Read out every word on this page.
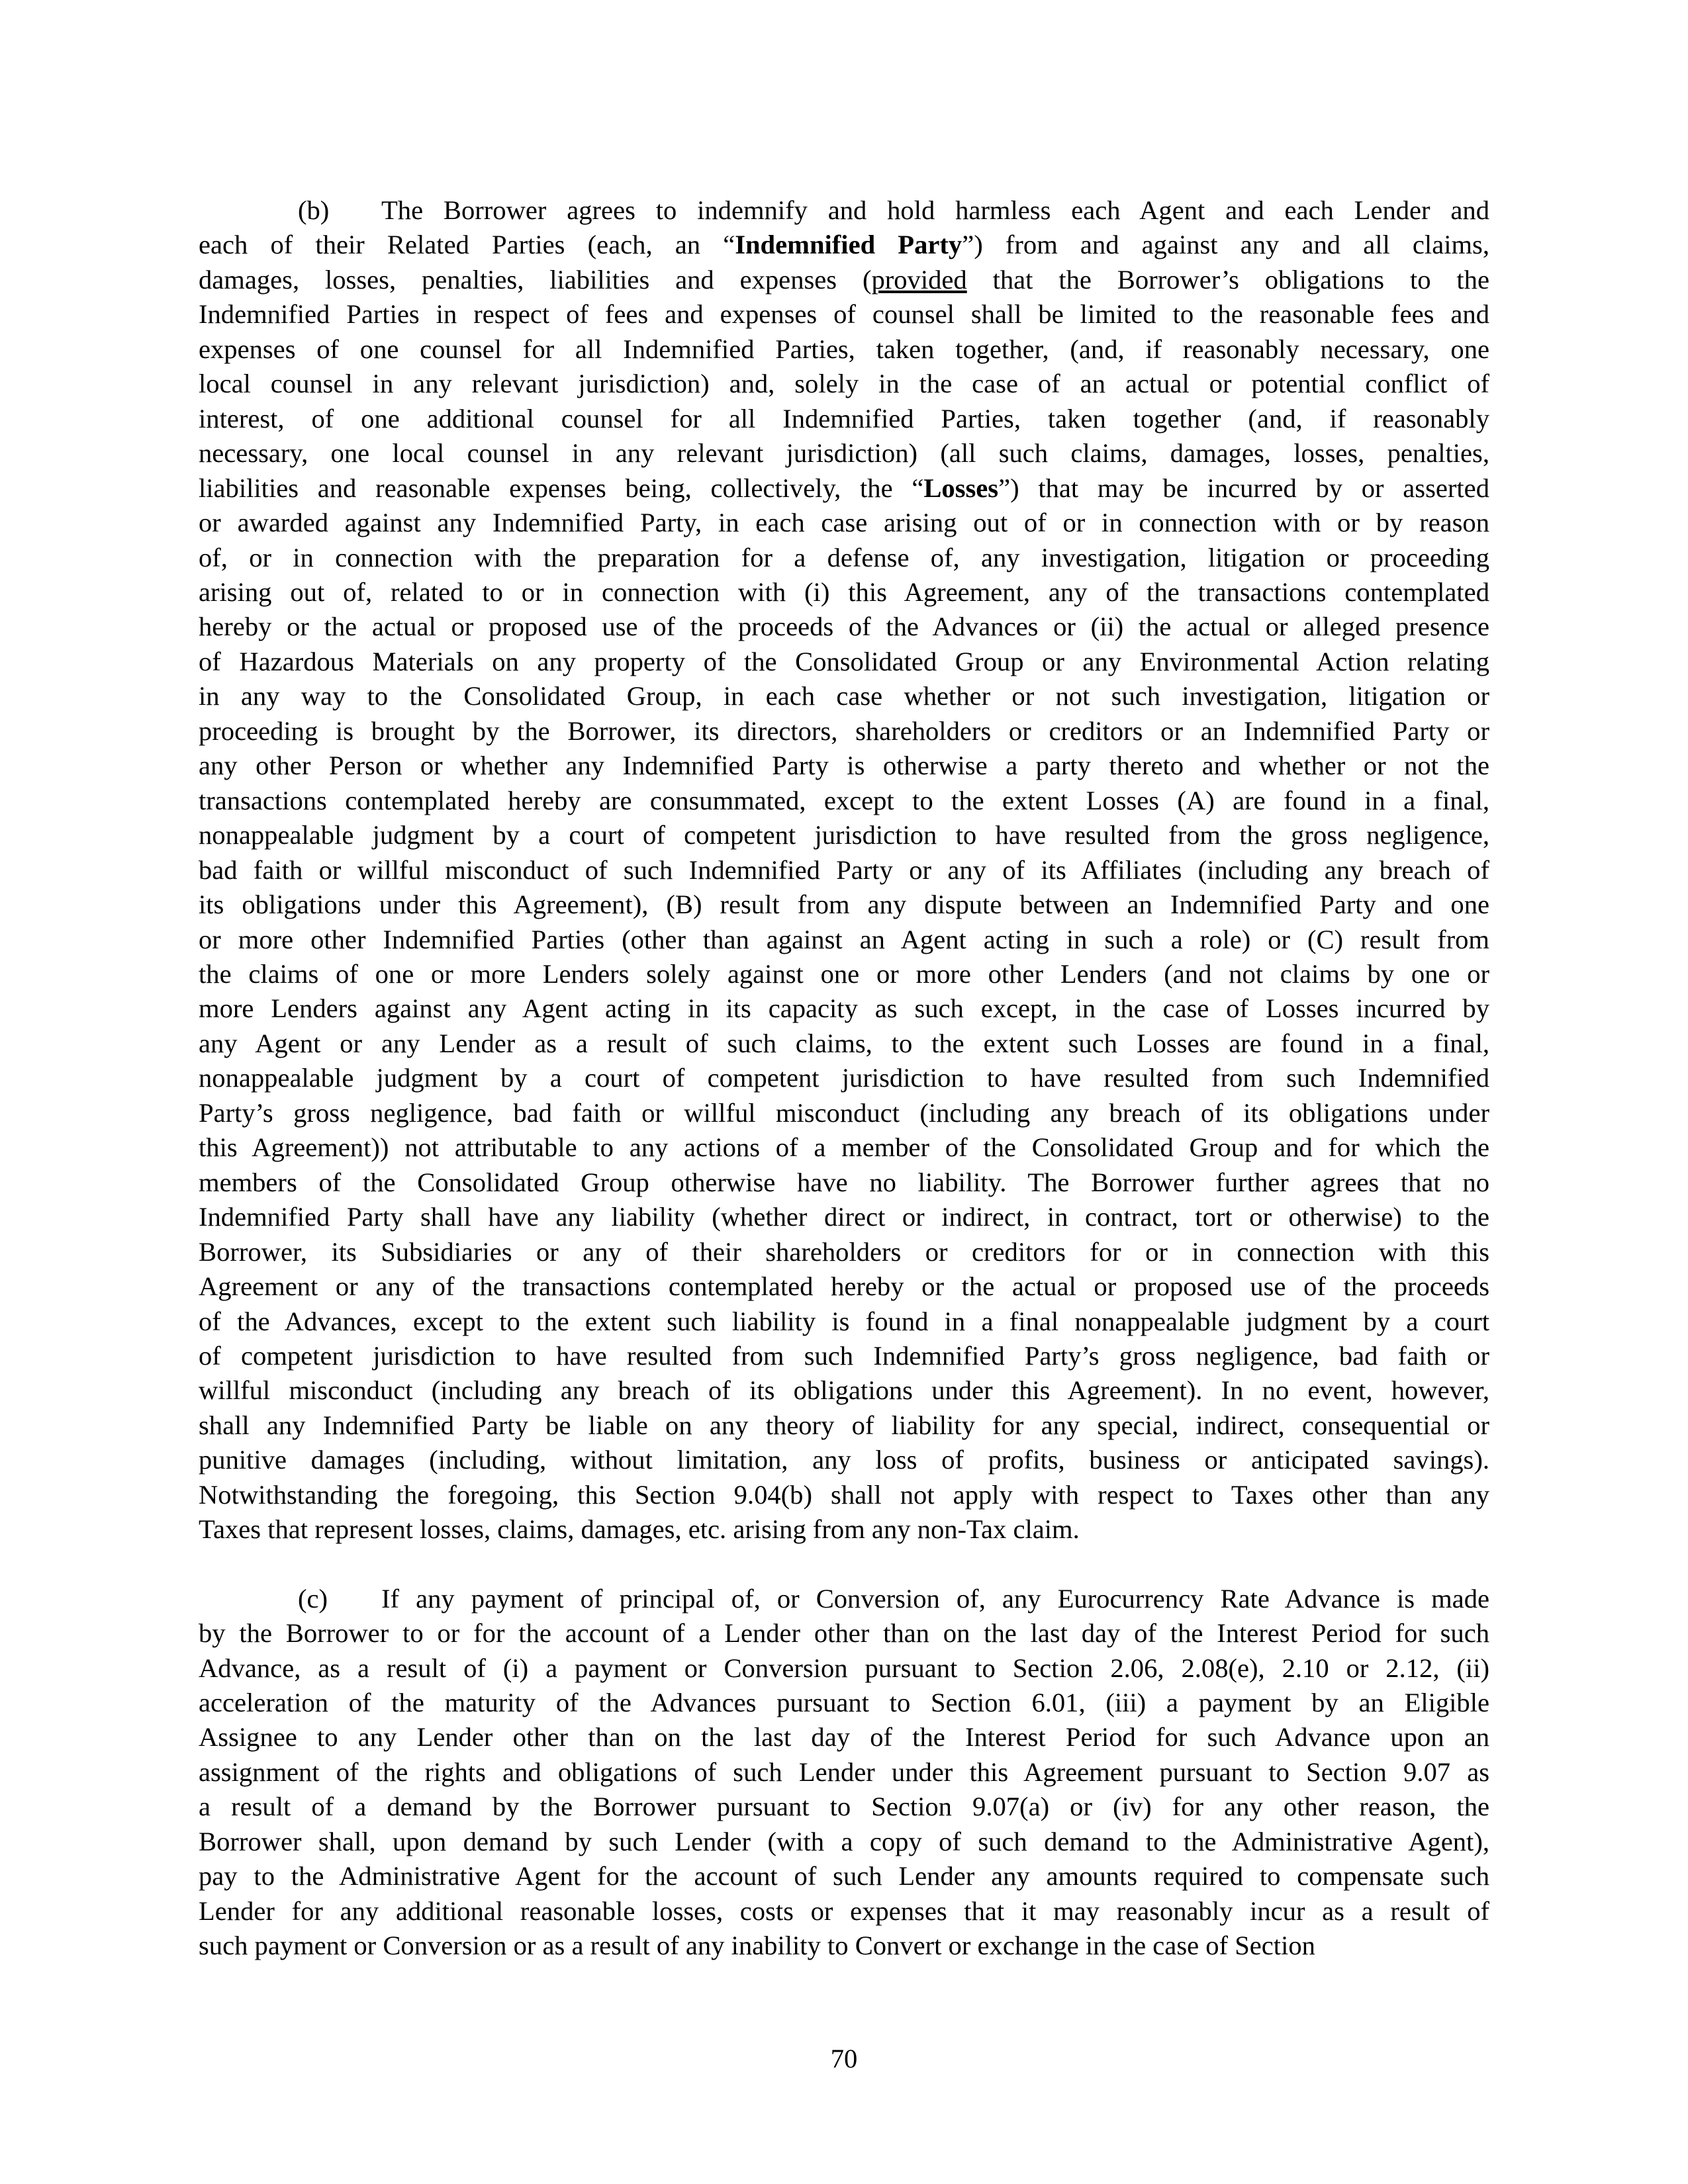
(b) The Borrower agrees to indemnify and hold harmless each Agent and each Lender and
each of their Related Parties (each, an “Indemnified Party”) from and against any and all claims,
damages, losses, penalties, liabilities and expenses (provided that the Borrower’s obligations to the
Indemnified Parties in respect of fees and expenses of counsel shall be limited to the reasonable fees and
expenses of one counsel for all Indemnified Parties, taken together, (and, if reasonably necessary, one
local counsel in any relevant jurisdiction) and, solely in the case of an actual or potential conflict of
interest, of one additional counsel for all Indemnified Parties, taken together (and, if reasonably
necessary, one local counsel in any relevant jurisdiction) (all such claims, damages, losses, penalties,
liabilities and reasonable expenses being, collectively, the “Losses”) that may be incurred by or asserted
or awarded against any Indemnified Party, in each case arising out of or in connection with or by reason
of, or in connection with the preparation for a defense of, any investigation, litigation or proceeding
arising out of, related to or in connection with (i) this Agreement, any of the transactions contemplated
hereby or the actual or proposed use of the proceeds of the Advances or (ii) the actual or alleged presence
of Hazardous Materials on any property of the Consolidated Group or any Environmental Action relating
in any way to the Consolidated Group, in each case whether or not such investigation, litigation or
proceeding is brought by the Borrower, its directors, shareholders or creditors or an Indemnified Party or
any other Person or whether any Indemnified Party is otherwise a party thereto and whether or not the
transactions contemplated hereby are consummated, except to the extent Losses (A) are found in a final,
nonappealable judgment by a court of competent jurisdiction to have resulted from the gross negligence,
bad faith or willful misconduct of such Indemnified Party or any of its Affiliates (including any breach of
its obligations under this Agreement), (B) result from any dispute between an Indemnified Party and one
or more other Indemnified Parties (other than against an Agent acting in such a role) or (C) result from
the claims of one or more Lenders solely against one or more other Lenders (and not claims by one or
more Lenders against any Agent acting in its capacity as such except, in the case of Losses incurred by
any Agent or any Lender as a result of such claims, to the extent such Losses are found in a final,
nonappealable judgment by a court of competent jurisdiction to have resulted from such Indemnified
Party’s gross negligence, bad faith or willful misconduct (including any breach of its obligations under
this Agreement)) not attributable to any actions of a member of the Consolidated Group and for which the
members of the Consolidated Group otherwise have no liability. The Borrower further agrees that no
Indemnified Party shall have any liability (whether direct or indirect, in contract, tort or otherwise) to the
Borrower, its Subsidiaries or any of their shareholders or creditors for or in connection with this
Agreement or any of the transactions contemplated hereby or the actual or proposed use of the proceeds
of the Advances, except to the extent such liability is found in a final nonappealable judgment by a court
of competent jurisdiction to have resulted from such Indemnified Party’s gross negligence, bad faith or
willful misconduct (including any breach of its obligations under this Agreement). In no event, however,
shall any Indemnified Party be liable on any theory of liability for any special, indirect, consequential or
punitive damages (including, without limitation, any loss of profits, business or anticipated savings).
Notwithstanding the foregoing, this Section 9.04(b) shall not apply with respect to Taxes other than any
Taxes that represent losses, claims, damages, etc. arising from any non-Tax claim.

(c) If any payment of principal of, or Conversion of, any Eurocurrency Rate Advance is made
by the Borrower to or for the account of a Lender other than on the last day of the Interest Period for such
Advance, as a result of (i) a payment or Conversion pursuant to Section 2.06, 2.08(e), 2.10 or 2.12, (ii)
acceleration of the maturity of the Advances pursuant to Section 6.01, (iii) a payment by an Eligible
Assignee to any Lender other than on the last day of the Interest Period for such Advance upon an
assignment of the rights and obligations of such Lender under this Agreement pursuant to Section 9.07 as
a result of a demand by the Borrower pursuant to Section 9.07(a) or (iv) for any other reason, the
Borrower shall, upon demand by such Lender (with a copy of such demand to the Administrative Agent),
pay to the Administrative Agent for the account of such Lender any amounts required to compensate such
Lender for any additional reasonable losses, costs or expenses that it may reasonably incur as a result of
such payment or Conversion or as a result of any inability to Convert or exchange in the case of Section

70
